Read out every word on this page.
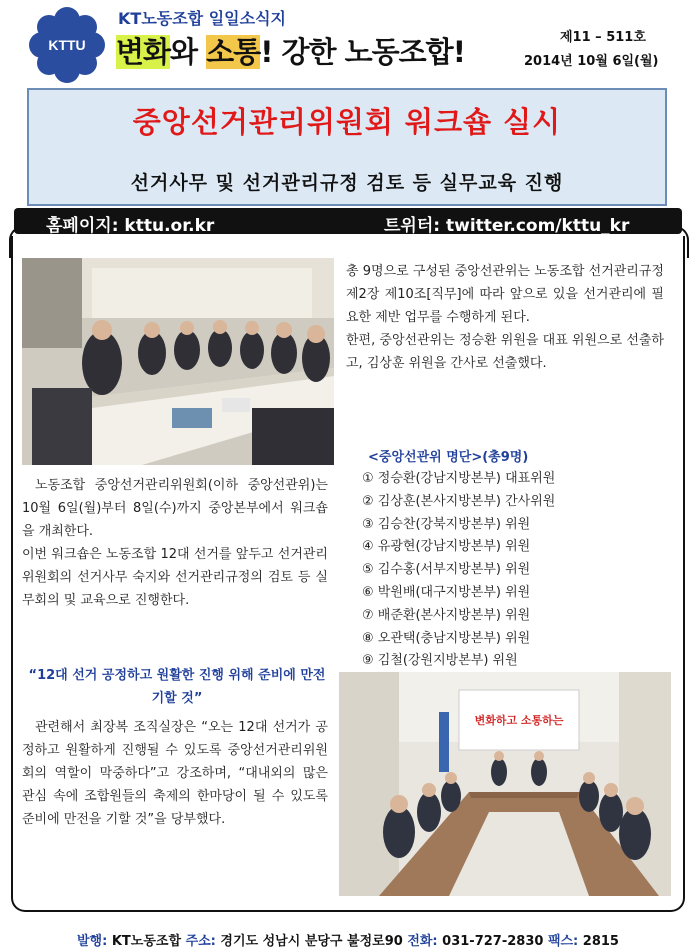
KTTU
KT노동조합 일일소식지
변화와 소통! 강한 노동조합!	제11 – 511호
2014년 10월 6일(월)
중앙선거관리위원회 워크숍 실시
선거사무 및 선거관리규정 검토 등 실무교육 진행
홈페이지: kttu.or.kr	트위터: twitter.com/kttu_kr
노동조합 중앙선거관리위원회(이하 중앙선관위)는 10월 6일(월)부터 8일(수)까지 중앙본부에서 워크숍을 개최한다.
이번 워크숍은 노동조합 12대 선거를 앞두고 선거관리위원회의 선거사무 숙지와 선거관리규정의 검토 등 실무회의 및 교육으로 진행한다.
“12대 선거 공정하고 원활한 진행 위해 준비에 만전기할 것”
관련해서 최장복 조직실장은 “오는 12대 선거가 공정하고 원활하게 진행될 수 있도록 중앙선거관리위원회의 역할이 막중하다”고 강조하며, “대내외의 많은 관심 속에 조합원들의 축제의 한마당이 될 수 있도록 준비에 만전을 기할 것”을 당부했다.
총 9명으로 구성된 중앙선관위는 노동조합 선거관리규정 제2장 제10조[직무]에 따라 앞으로 있을 선거관리에 필요한 제반 업무를 수행하게 된다.
한편, 중앙선관위는 정승환 위원을 대표 위원으로 선출하고, 김상훈 위원을 간사로 선출했다.
<중앙선관위 명단>(총9명)
① 정승환(강남지방본부) 대표위원
② 김상훈(본사지방본부) 간사위원
③ 김승찬(강북지방본부) 위원
④ 유광현(강남지방본부) 위원
⑤ 김수홍(서부지방본부) 위원
⑥ 박원배(대구지방본부) 위원
⑦ 배준환(본사지방본부) 위원
⑧ 오관택(충남지방본부) 위원
⑨ 김철(강원지방본부) 위원
변화하고 소통하는
발행: KT노동조합 주소: 경기도 성남시 분당구 불정로90 전화: 031-727-2830 팩스: 2815
